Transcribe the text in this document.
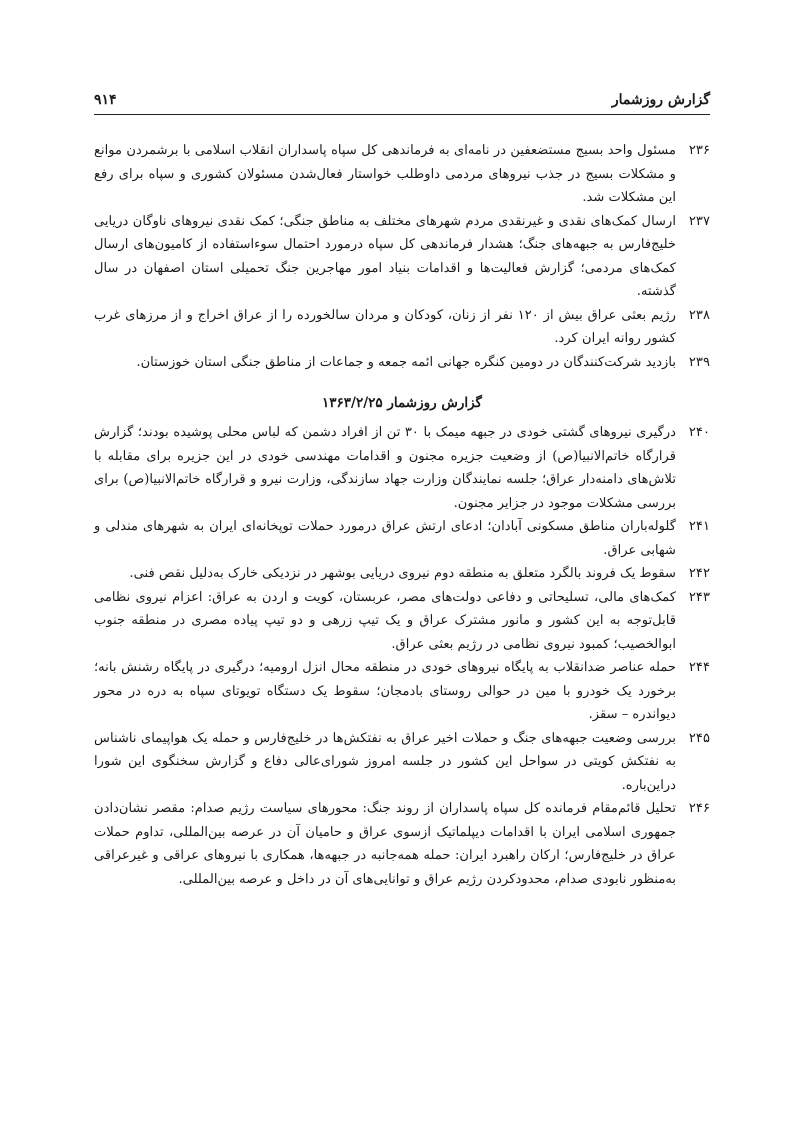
گزارش روزشمار
۹۱۴
۲۳۶
مسئول واحد بسیج مستضعفین در نامه‌ای به فرماندهی کل سپاه پاسداران انقلاب اسلامی با برشمردن موانع و مشکلات بسیج در جذب نیروهای مردمی داوطلب خواستار فعال‌شدن مسئولان کشوری و سپاه برای رفع این مشکلات شد.
۲۳۷
ارسال کمک‌های نقدی و غیرنقدی مردم شهرهای مختلف به مناطق جنگی؛ کمک نقدی نیروهای ناوگان دریایی خلیج‌فارس به جبهه‌های جنگ؛ هشدار فرماندهی کل سپاه درمورد احتمال سوءاستفاده از کامیون‌های ارسال کمک‌های مردمی؛ گزارش فعالیت‌ها و اقدامات بنیاد امور مهاجرین جنگ تحمیلی استان اصفهان در سال گذشته.
۲۳۸
رژیم بعثی عراق بیش از ۱۲۰ نفر از زنان، کودکان و مردان سالخورده را از عراق اخراج و از مرزهای غرب کشور روانه ایران کرد.
۲۳۹
بازدید شرکت‌کنندگان در دومین کنگره جهانی ائمه جمعه و جماعات از مناطق جنگی استان خوزستان.
گزارش روزشمار ۱۳۶۳/۲/۲۵
۲۴۰
درگیری نیروهای گشتی خودی در جبهه میمک با ۳۰ تن از افراد دشمن که لباس محلی پوشیده بودند؛ گزارش قرارگاه خاتم‌الانبیا(ص) از وضعیت جزیره مجنون و اقدامات مهندسی خودی در این جزیره برای مقابله با تلاش‌های دامنه‌دار عراق؛ جلسه نمایندگان وزارت جهاد سازندگی، وزارت نیرو و قرارگاه خاتم‌الانبیا(ص) برای بررسی مشکلات موجود در جزایر مجنون.
۲۴۱
گلوله‌باران مناطق مسکونی آبادان؛ ادعای ارتش عراق درمورد حملات توپخانه‌ای ایران به شهرهای مندلی و شهابی عراق.
۲۴۲
سقوط یک فروند بالگرد متعلق به منطقه دوم نیروی دریایی بوشهر در نزدیکی خارک به‌دلیل نقص فنی.
۲۴۳
کمک‌های مالی، تسلیحاتی و دفاعی دولت‌های مصر، عربستان، کویت و اردن به عراق: اعزام نیروی نظامی قابل‌توجه به این کشور و مانور مشترک عراق و یک تیپ زرهی و دو تیپ پیاده مصری در منطقه جنوب ابوالخصیب؛ کمبود نیروی نظامی در رژیم بعثی عراق.
۲۴۴
حمله عناصر ضدانقلاب به پایگاه نیروهای خودی در منطقه محال انزل ارومیه؛ درگیری در پایگاه رشنش بانه؛ برخورد یک خودرو با مین در حوالی روستای بادمجان؛ سقوط یک دستگاه تویوتای سپاه به دره در محور دیواندره – سقز.
۲۴۵
بررسی وضعیت جبهه‌های جنگ و حملات اخیر عراق به نفتکش‌ها در خلیج‌فارس و حمله یک هواپیمای ناشناس به نفتکش کویتی در سواحل این کشور در جلسه امروز شورای‌عالی دفاع و گزارش سخنگوی این شورا دراین‌باره.
۲۴۶
تحلیل قائم‌مقام فرمانده کل سپاه پاسداران از روند جنگ: محورهای سیاست رژیم صدام: مقصر نشان‌دادن جمهوری اسلامی ایران با اقدامات دیپلماتیک ازسوی عراق و حامیان آن در عرصه بین‌المللی، تداوم حملات عراق در خلیج‌فارس؛ ارکان راهبرد ایران: حمله همه‌جانبه در جبهه‌ها، همکاری با نیروهای عراقی و غیرعراقی به‌منظور نابودی صدام، محدودکردن رژیم عراق و توانایی‌های آن در داخل و عرصه بین‌المللی.
